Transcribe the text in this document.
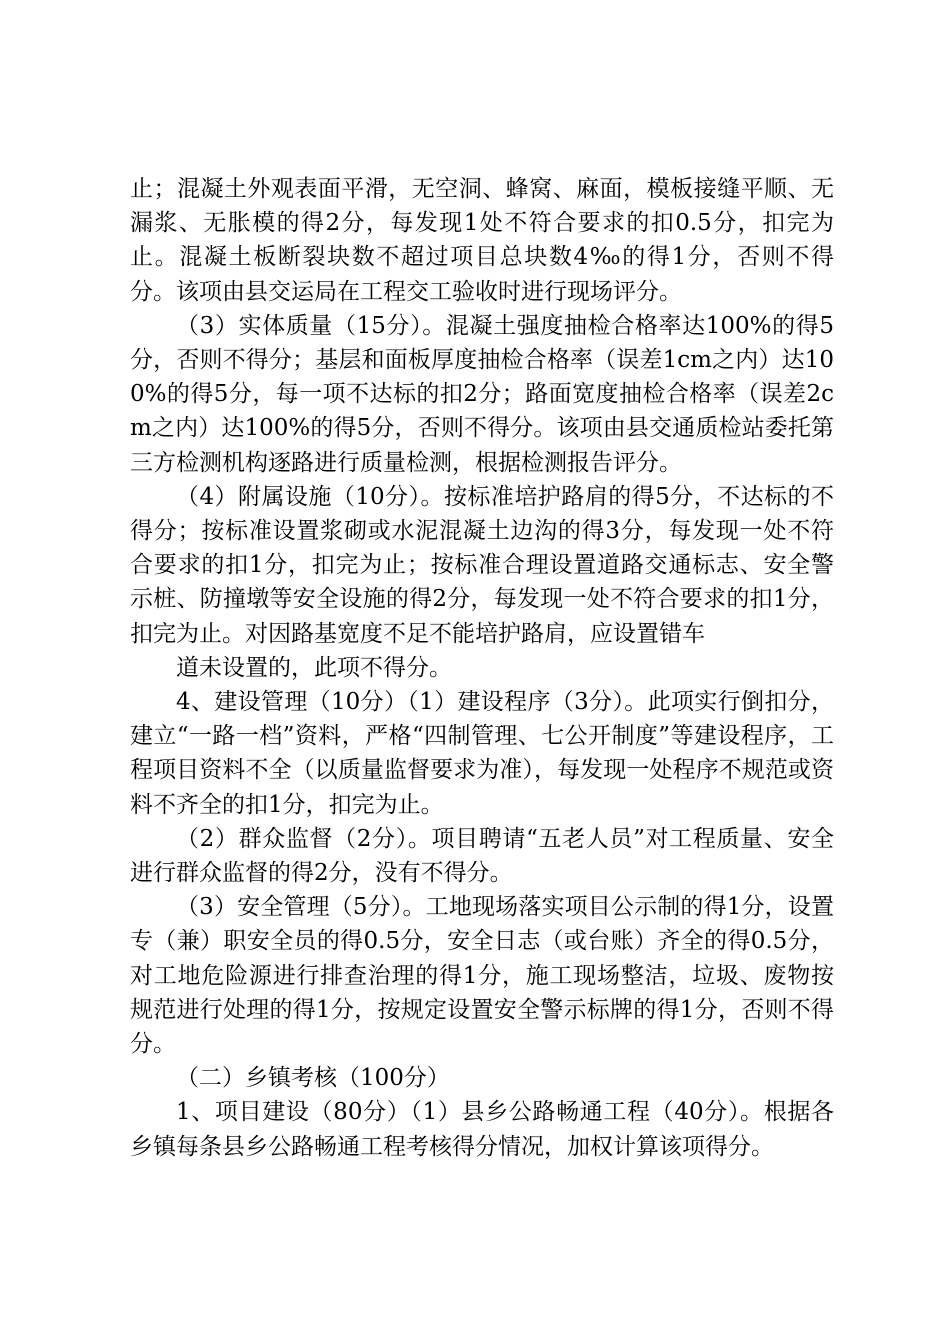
止；混凝土外观表面平滑，无空洞、蜂窝、麻面，模板接缝平顺、无漏浆、无胀模的得2分，每发现1处不符合要求的扣0.5分，扣完为止。混凝土板断裂块数不超过项目总块数4‰的得1分，否则不得分。该项由县交运局在工程交工验收时进行现场评分。

（3）实体质量（15分）。混凝土强度抽检合格率达100%的得5分，否则不得分；基层和面板厚度抽检合格率（误差1cm之内）达100%的得5分，每一项不达标的扣2分；路面宽度抽检合格率（误差2cm之内）达100%的得5分，否则不得分。该项由县交通质检站委托第三方检测机构逐路进行质量检测，根据检测报告评分。

（4）附属设施（10分）。按标准培护路肩的得5分，不达标的不得分；按标准设置浆砌或水泥混凝土边沟的得3分，每发现一处不符合要求的扣1分，扣完为止；按标准合理设置道路交通标志、安全警示桩、防撞墩等安全设施的得2分，每发现一处不符合要求的扣1分，扣完为止。对因路基宽度不足不能培护路肩，应设置错车

道未设置的，此项不得分。

4、建设管理（10分）（1）建设程序（3分）。此项实行倒扣分，建立“一路一档”资料，严格“四制管理、七公开制度”等建设程序，工程项目资料不全（以质量监督要求为准），每发现一处程序不规范或资料不齐全的扣1分，扣完为止。

（2）群众监督（2分）。项目聘请“五老人员”对工程质量、安全进行群众监督的得2分，没有不得分。

（3）安全管理（5分）。工地现场落实项目公示制的得1分，设置专（兼）职安全员的得0.5分，安全日志（或台账）齐全的得0.5分，对工地危险源进行排查治理的得1分，施工现场整洁，垃圾、废物按规范进行处理的得1分，按规定设置安全警示标牌的得1分，否则不得分。

（二）乡镇考核（100分）

1、项目建设（80分）（1）县乡公路畅通工程（40分）。根据各乡镇每条县乡公路畅通工程考核得分情况，加权计算该项得分。
